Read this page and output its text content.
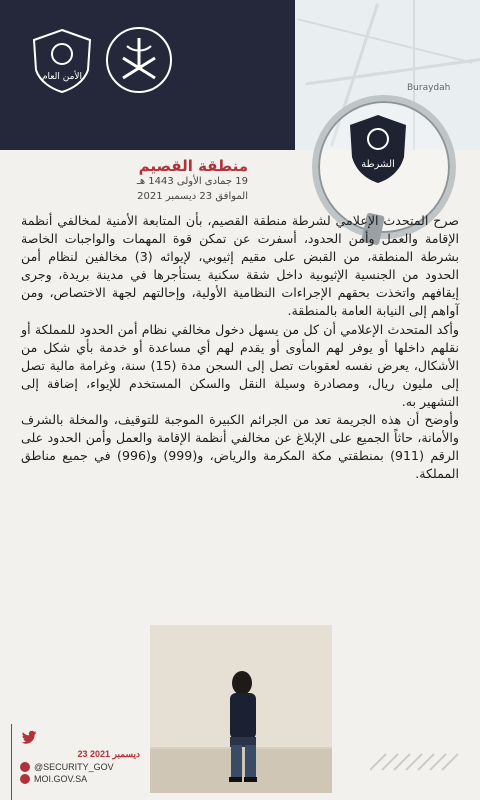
الأمن العام
Buraydah
الشرطة
منطقة القصيم
19 جمادى الأولى 1443 هـ
الموافق 23 ديسمبر 2021

صرح المتحدث الإعلامي لشرطة منطقة القصيم، بأن المتابعة الأمنية لمخالفي أنظمة الإقامة والعمل وأمن الحدود، أسفرت عن تمكن قوة المهمات والواجبات الخاصة بشرطة المنطقة، من القبض على مقيم إثيوبي، لإيوائه (3) مخالفين لنظام أمن الحدود من الجنسية الإثيوبية داخل شقة سكنية يستأجرها في مدينة بريدة، وجرى إيقافهم واتخذت بحقهم الإجراءات النظامية الأولية، وإحالتهم لجهة الاختصاص، ومن آواهم إلى النيابة العامة بالمنطقة.

وأكد المتحدث الإعلامي أن كل من يسهل دخول مخالفي نظام أمن الحدود للمملكة أو نقلهم داخلها أو يوفر لهم المأوى أو يقدم لهم أي مساعدة أو خدمة بأي شكل من الأشكال، يعرض نفسه لعقوبات تصل إلى السجن مدة (15) سنة، وغرامة مالية تصل إلى مليون ريال، ومصادرة وسيلة النقل والسكن المستخدم للإيواء، إضافة إلى التشهير به.

وأوضح أن هذه الجريمة تعد من الجرائم الكبيرة الموجبة للتوقيف، والمخلة بالشرف والأمانة، حاثاً الجميع على الإبلاغ عن مخالفي أنظمة الإقامة والعمل وأمن الحدود على الرقم (911) بمنطقتي مكة المكرمة والرياض، و(999) و(996) في جميع مناطق المملكة.

23 ديسمبر 2021
@SECURITY_GOV
MOI.GOV.SA
